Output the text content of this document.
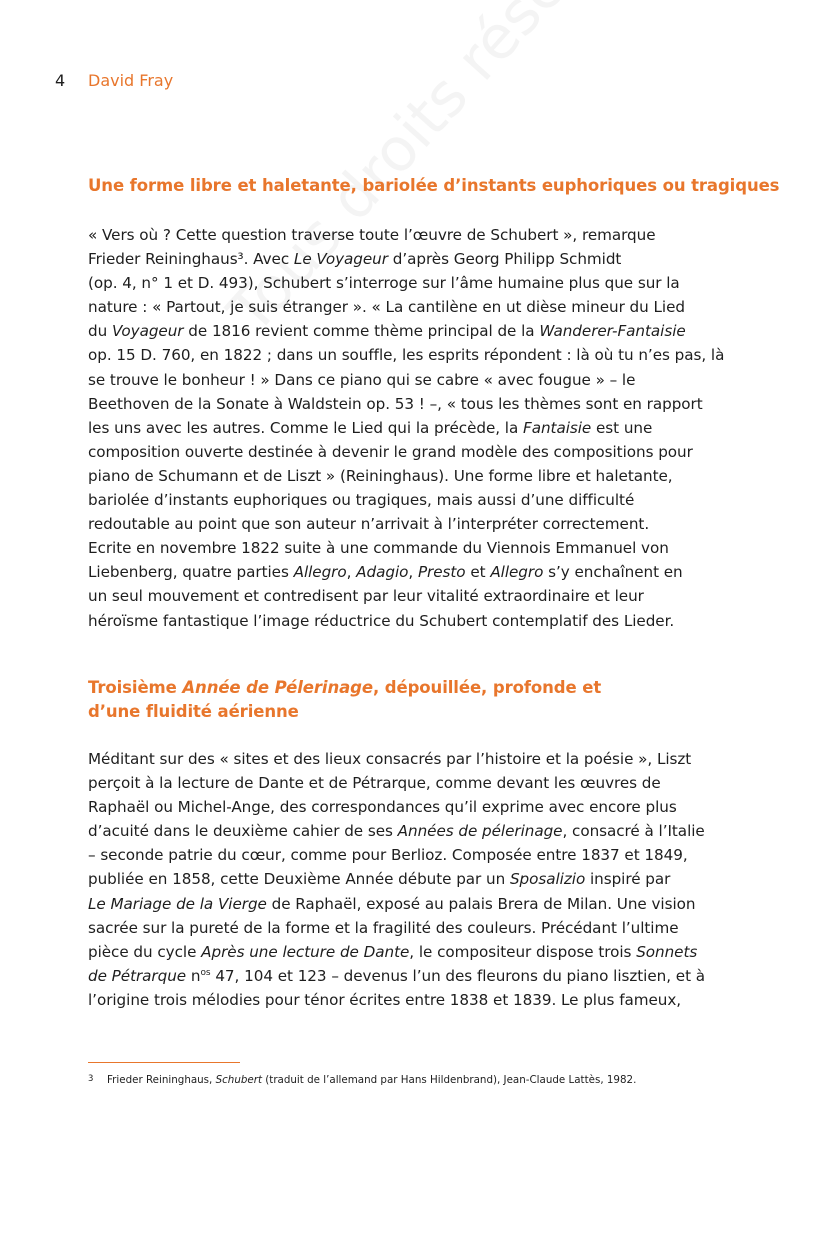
4 David Fray
Une forme libre et haletante, bariolée d’instants euphoriques ou tragiques
« Vers où ? Cette question traverse toute l’œuvre de Schubert », remarque
Frieder Reininghaus³. Avec Le Voyageur d’après Georg Philipp Schmidt
(op. 4, n° 1 et D. 493), Schubert s’interroge sur l’âme humaine plus que sur la
nature : « Partout, je suis étranger ». « La cantilène en ut dièse mineur du Lied
du Voyageur de 1816 revient comme thème principal de la Wanderer-Fantaisie
op. 15 D. 760, en 1822 ; dans un souffle, les esprits répondent : là où tu n’es pas, là
se trouve le bonheur ! » Dans ce piano qui se cabre « avec fougue » – le
Beethoven de la Sonate à Waldstein op. 53 ! –, « tous les thèmes sont en rapport
les uns avec les autres. Comme le Lied qui la précède, la Fantaisie est une
composition ouverte destinée à devenir le grand modèle des compositions pour
piano de Schumann et de Liszt » (Reininghaus). Une forme libre et haletante,
bariolée d’instants euphoriques ou tragiques, mais aussi d’une difficulté
redoutable au point que son auteur n’arrivait à l’interpréter correctement.
Ecrite en novembre 1822 suite à une commande du Viennois Emmanuel von
Liebenberg, quatre parties Allegro, Adagio, Presto et Allegro s’y enchaînent en
un seul mouvement et contredisent par leur vitalité extraordinaire et leur
héroïsme fantastique l’image réductrice du Schubert contemplatif des Lieder.
Troisième Année de Pélerinage, dépouillée, profonde et
d’une fluidité aérienne
Méditant sur des « sites et des lieux consacrés par l’histoire et la poésie », Liszt
perçoit à la lecture de Dante et de Pétrarque, comme devant les œuvres de
Raphaël ou Michel-Ange, des correspondances qu’il exprime avec encore plus
d’acuité dans le deuxième cahier de ses Années de pélerinage, consacré à l’Italie
– seconde patrie du cœur, comme pour Berlioz. Composée entre 1837 et 1849,
publiée en 1858, cette Deuxième Année débute par un Sposalizio inspiré par
Le Mariage de la Vierge de Raphaël, exposé au palais Brera de Milan. Une vision
sacrée sur la pureté de la forme et la fragilité des couleurs. Précédant l’ultime
pièce du cycle Après une lecture de Dante, le compositeur dispose trois Sonnets
de Pétrarque $n^{os}$ 47, 104 et 123 – devenus l’un des fleurons du piano lisztien, et à
l’origine trois mélodies pour ténor écrites entre 1838 et 1839. Le plus fameux,
3 Frieder Reininghaus, Schubert (traduit de l’allemand par Hans Hildenbrand), Jean-Claude Lattès, 1982.
